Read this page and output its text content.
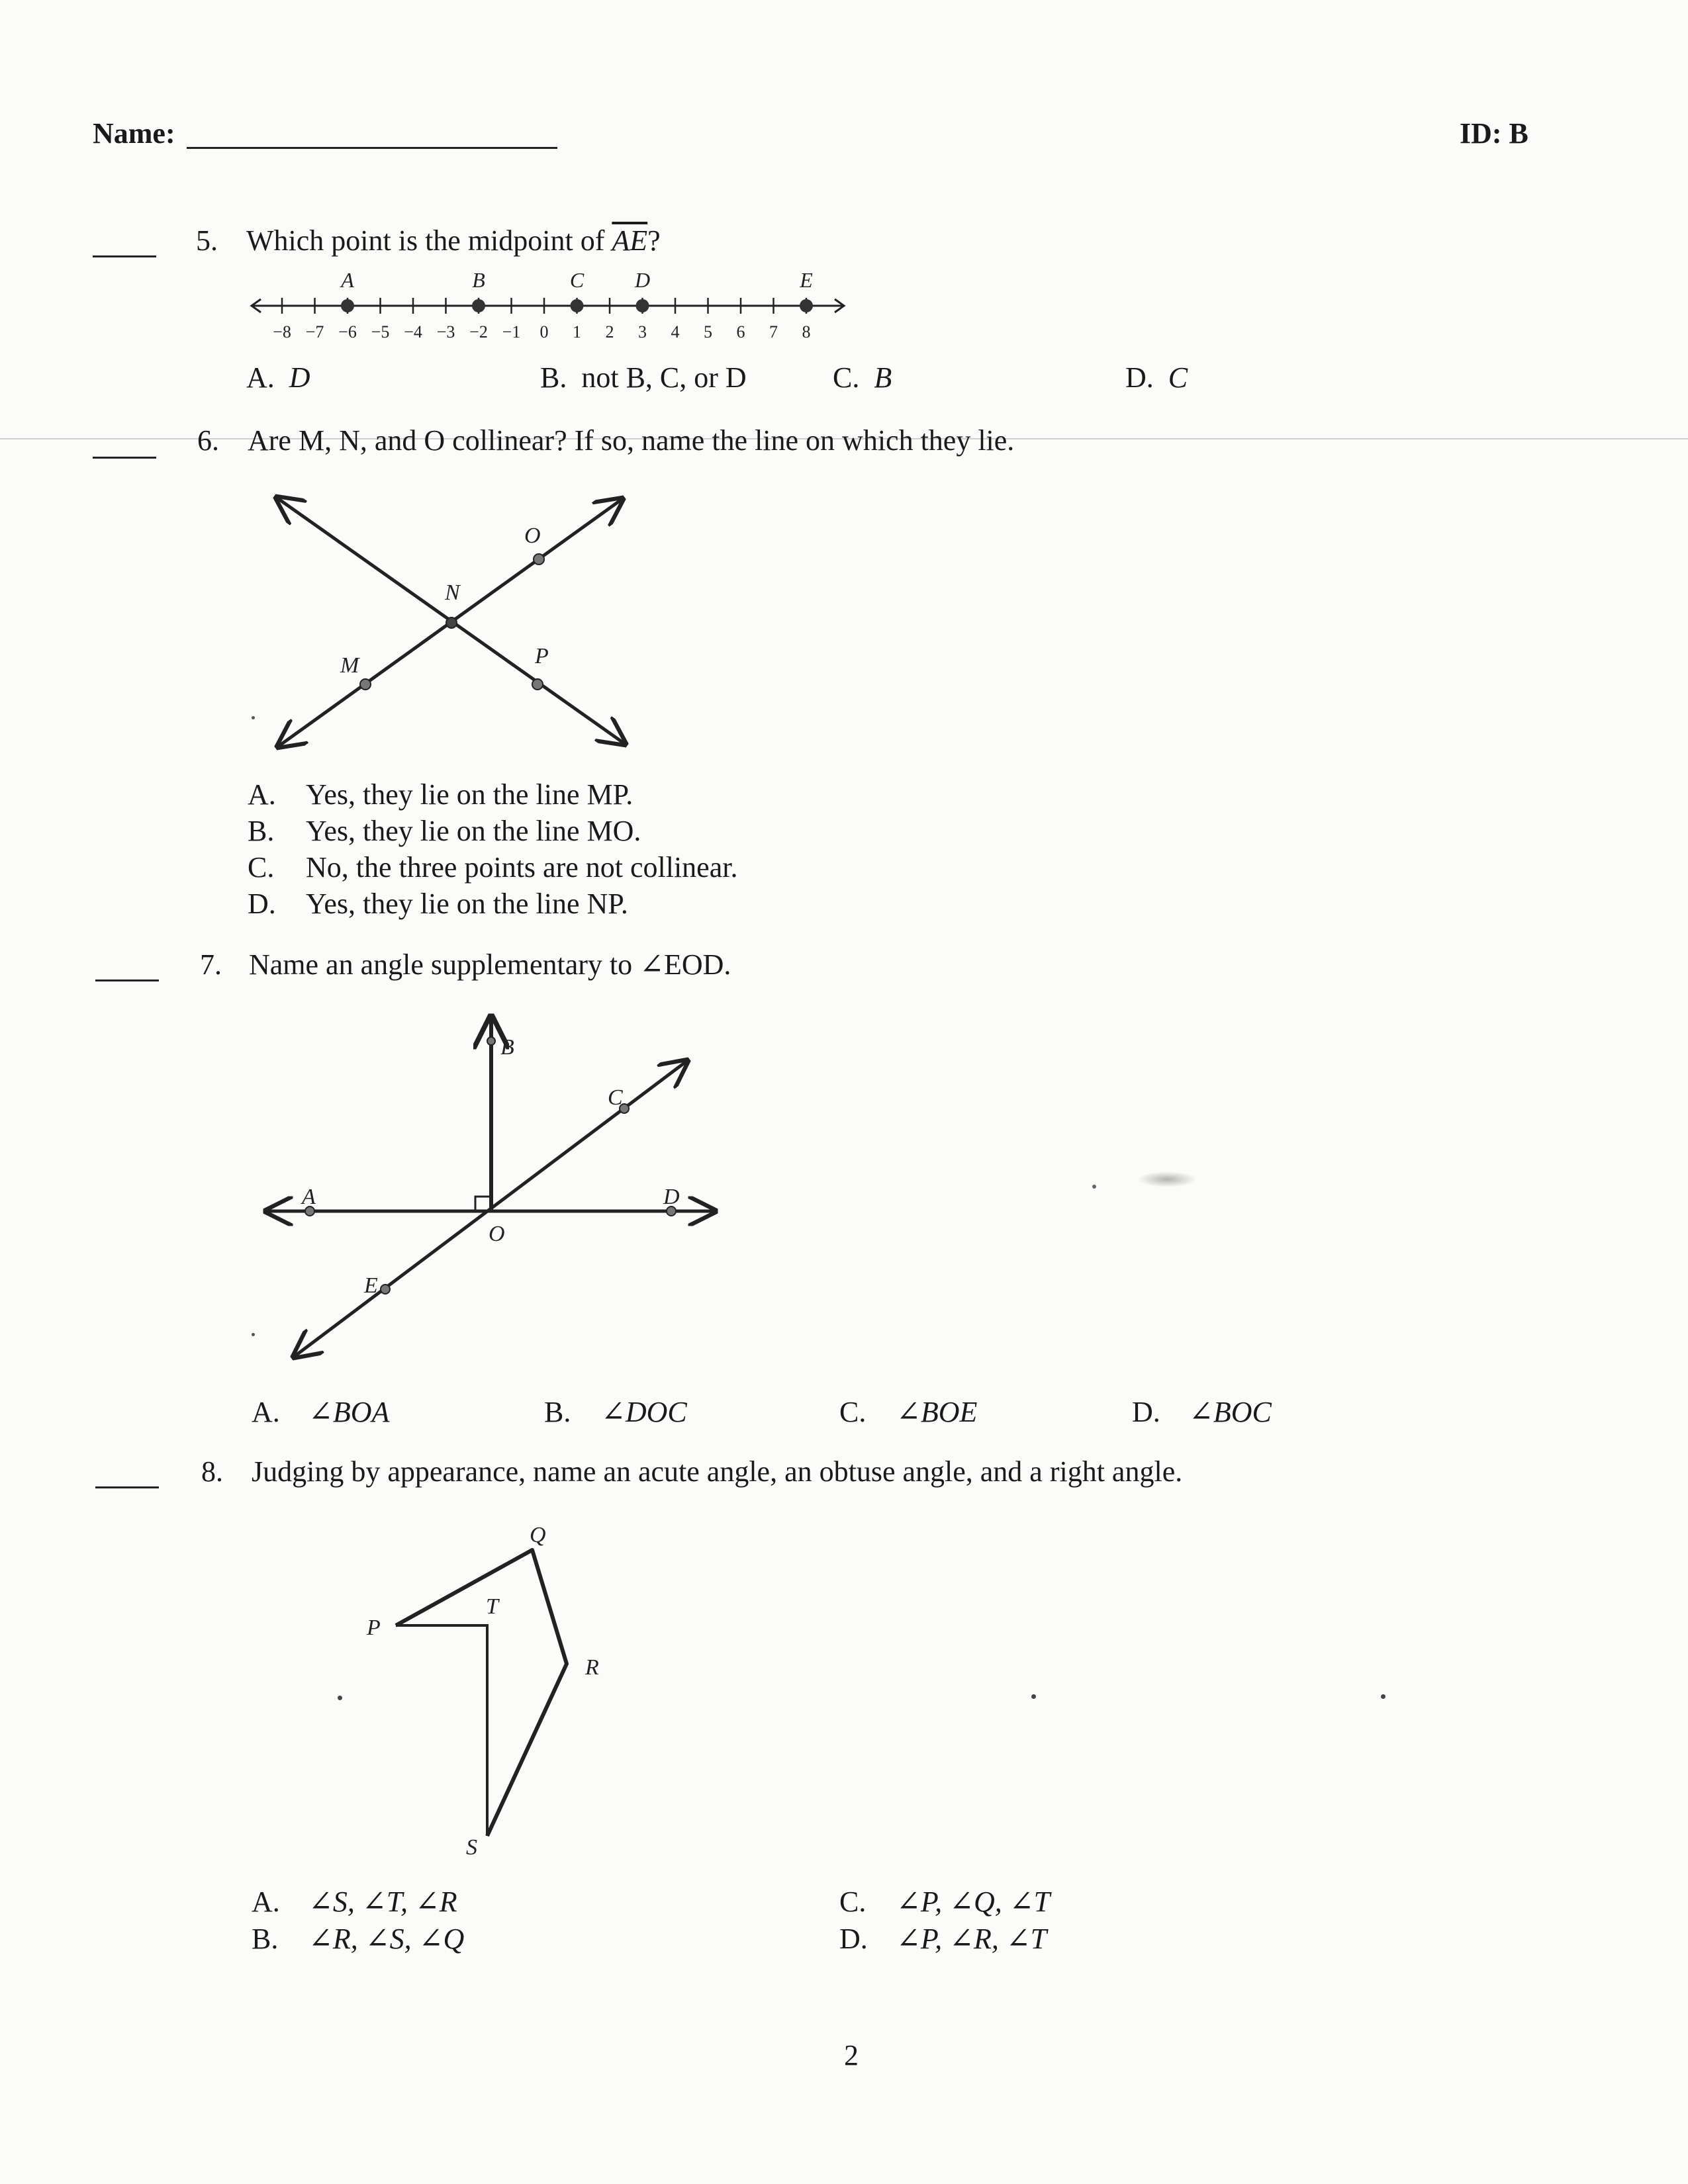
Name:	ID: B
5. Which point is the midpoint of $\overline{AE}$?
−8 −7 −6 −5 −4 −3 −2 −1 0 1 2 3 4 5 6 7 8
A	B	C D	E
A. D	B. not B, C, or D	C. B	D. C
6. Are M, N, and O collinear? If so, name the line on which they lie.
O
N
M	P
A. Yes, they lie on the line MP.
B. Yes, they lie on the line MO.
C. No, the three points are not collinear.
D. Yes, they lie on the line NP.
7. Name an angle supplementary to ∠EOD.
B
C
A	D
O
E
A. ∠BOA	B. ∠DOC	C. ∠BOE	D. ∠BOC
8. Judging by appearance, name an acute angle, an obtuse angle, and a right angle.
Q
P
T
R
S
A. ∠S, ∠T, ∠R
B. ∠R, ∠S, ∠Q
C. ∠P, ∠Q, ∠T
D. ∠P, ∠R, ∠T
2
